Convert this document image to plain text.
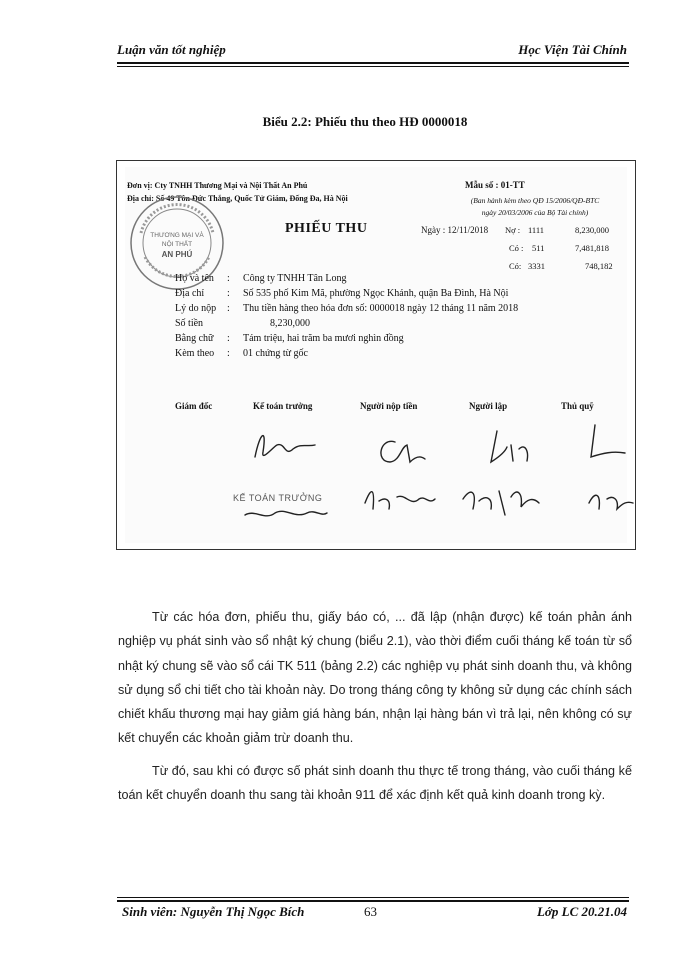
Luận văn tốt nghiệp	Học Viện Tài Chính
Biểu 2.2: Phiếu thu theo HĐ 0000018
Đơn vị: Cty TNHH Thương Mại và Nội Thất An Phú
Địa chỉ: Số 49 Tôn Đức Thắng, Quốc Tử Giám, Đống Đa, Hà Nội
Mẫu số : 01-TT
(Ban hành kèm theo QĐ 15/2006/QĐ-BTC
ngày 20/03/2006 của Bộ Tài chính)
THƯƠNG MẠI VÀ
NỘI THẤT
AN PHÚ
PHIẾU THU	Ngày : 12/11/2018 Nợ : 1111	8,230,000
Có : 511	7,481,818
Có: 3331	748,182
Họ và tên	: Công ty TNHH Tân Long
Địa chỉ	: Số 535 phố Kim Mã, phường Ngọc Khánh, quận Ba Đình, Hà Nội
Lý do nộp	: Thu tiền hàng theo hóa đơn số: 0000018 ngày 12 tháng 11 năm 2018
Số tiền	8,230,000
Bằng chữ	: Tám triệu, hai trăm ba mươi nghìn đồng
Kèm theo	: 01 chứng từ gốc
Giám đốc	Kế toán trưởng	Người nộp tiền	Người lập	Thủ quỹ
KẾ TOÁN TRƯỞNG

Từ các hóa đơn, phiếu thu, giấy báo có, ... đã lập (nhận được) kế toán phản ánh nghiệp vụ phát sinh vào sổ nhật ký chung (biểu 2.1), vào thời điểm cuối tháng kế toán từ sổ nhật ký chung sẽ vào sổ cái TK 511 (bảng 2.2) các nghiệp vụ phát sinh doanh thu, và không sử dụng sổ chi tiết cho tài khoản này. Do trong tháng công ty không sử dụng các chính sách chiết khấu thương mại hay giảm giá hàng bán, nhận lại hàng bán vì trả lại, nên không có sự kết chuyển các khoản giảm trừ doanh thu.

Từ đó, sau khi có được số phát sinh doanh thu thực tế trong tháng, vào cuối tháng kế toán kết chuyển doanh thu sang tài khoản 911 để xác định kết quả kinh doanh trong kỳ.

Sinh viên: Nguyễn Thị Ngọc Bích	63	Lớp LC 20.21.04
